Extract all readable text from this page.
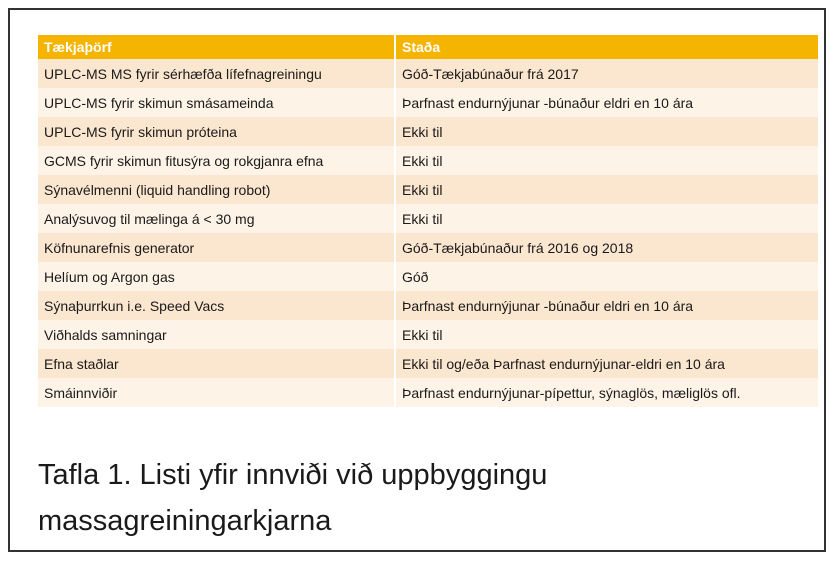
Tækjaþörf	Staða
UPLC-MS MS fyrir sérhæfða lífefnagreiningu	Góð-Tækjabúnaður frá 2017
UPLC-MS fyrir skimun smásameinda	Þarfnast endurnýjunar -búnaður eldri en 10 ára
UPLC-MS fyrir skimun próteina	Ekki til
GCMS fyrir skimun fitusýra og rokgjanra efna	Ekki til
Sýnavélmenni (liquid handling robot)	Ekki til
Analýsuvog til mælinga á < 30 mg	Ekki til
Köfnunarefnis generator	Góð-Tækjabúnaður frá 2016 og 2018
Helíum og Argon gas	Góð
Sýnaþurrkun i.e. Speed Vacs	Þarfnast endurnýjunar -búnaður eldri en 10 ára
Viðhalds samningar	Ekki til
Efna staðlar	Ekki til og/eða Þarfnast endurnýjunar-eldri en 10 ára
Smáinnviðir	Þarfnast endurnýjunar-pípettur, sýnaglös, mæliglös ofl.
Tafla 1. Listi yfir innviði við uppbyggingu
massagreiningarkjarna
